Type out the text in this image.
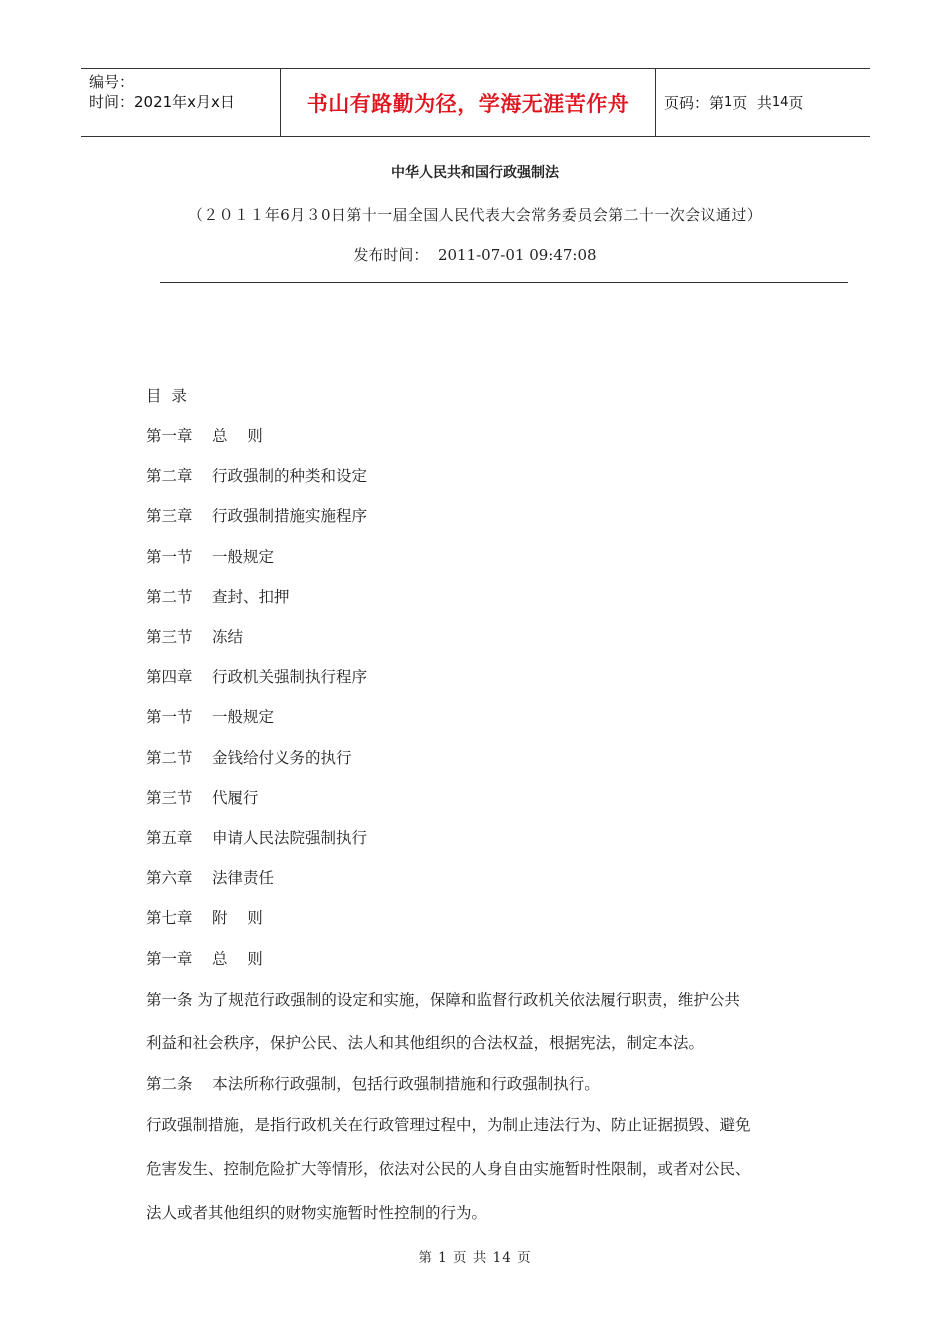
编号：
时间：2021年x月x日	书山有路勤为径，学海无涯苦作舟	页码：第 1 页  共 14 页
中华人民共和国行政强制法
（２０１１年6月３0日第十一届全国人民代表大会常务委员会第二十一次会议通过）
发布时间：  2011-07-01 09:47:08
目  录
第一章 总    则
第二章 行政强制的种类和设定
第三章 行政强制措施实施程序
第一节 一般规定
第二节 查封、扣押
第三节 冻结
第四章 行政机关强制执行程序
第一节 一般规定
第二节 金钱给付义务的执行
第三节 代履行
第五章 申请人民法院强制执行
第六章 法律责任
第七章 附    则
第一章 总    则
第一条 为了规范行政强制的设定和实施，保障和监督行政机关依法履行职责，维护公共
利益和社会秩序，保护公民、法人和其他组织的合法权益，根据宪法，制定本法。
第二条    本法所称行政强制，包括行政强制措施和行政强制执行。
行政强制措施，是指行政机关在行政管理过程中，为制止违法行为、防止证据损毁、避免
危害发生、控制危险扩大等情形，依法对公民的人身自由实施暂时性限制，或者对公民、
法人或者其他组织的财物实施暂时性控制的行为。
第 1 页 共 14 页
